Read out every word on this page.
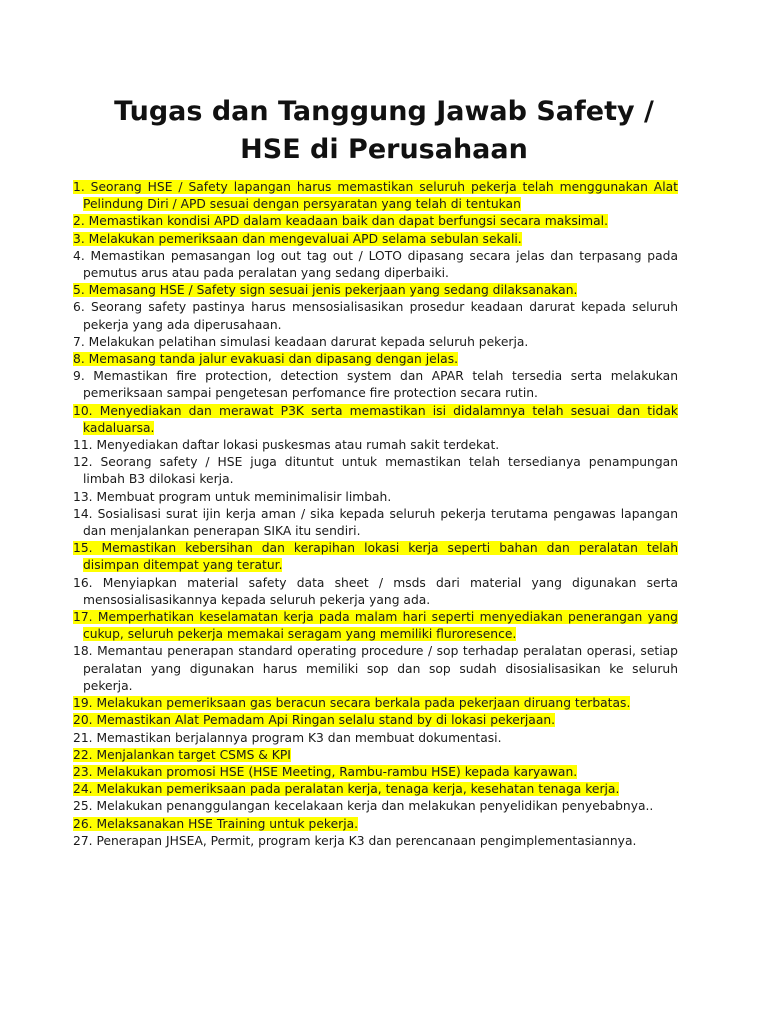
Tugas dan Tanggung Jawab Safety /
HSE di Perusahaan
1. Seorang HSE / Safety lapangan harus memastikan seluruh pekerja telah menggunakan Alat Pelindung Diri / APD sesuai dengan persyaratan yang telah di tentukan
2. Memastikan kondisi APD dalam keadaan baik dan dapat berfungsi secara maksimal.
3. Melakukan pemeriksaan dan mengevaluai APD selama sebulan sekali.
4. Memastikan pemasangan log out tag out / LOTO dipasang secara jelas dan terpasang pada pemutus arus atau pada peralatan yang sedang diperbaiki.
5. Memasang HSE / Safety sign sesuai jenis pekerjaan yang sedang dilaksanakan.
6. Seorang safety pastinya harus mensosialisasikan prosedur keadaan darurat kepada seluruh pekerja yang ada diperusahaan.
7. Melakukan pelatihan simulasi keadaan darurat kepada seluruh pekerja.
8. Memasang tanda jalur evakuasi dan dipasang dengan jelas.
9. Memastikan fire protection, detection system dan APAR telah tersedia serta melakukan pemeriksaan sampai pengetesan perfomance fire protection secara rutin.
10. Menyediakan dan merawat P3K serta memastikan isi didalamnya telah sesuai dan tidak kadaluarsa.
11. Menyediakan daftar lokasi puskesmas atau rumah sakit terdekat.
12. Seorang safety / HSE juga dituntut untuk memastikan telah tersedianya penampungan limbah B3 dilokasi kerja.
13. Membuat program untuk meminimalisir limbah.
14. Sosialisasi surat ijin kerja aman / sika kepada seluruh pekerja terutama pengawas lapangan dan menjalankan penerapan SIKA itu sendiri.
15. Memastikan kebersihan dan kerapihan lokasi kerja seperti bahan dan peralatan telah disimpan ditempat yang teratur.
16. Menyiapkan material safety data sheet / msds dari material yang digunakan serta mensosialisasikannya kepada seluruh pekerja yang ada.
17. Memperhatikan keselamatan kerja pada malam hari seperti menyediakan penerangan yang cukup, seluruh pekerja memakai seragam yang memiliki fluroresence.
18. Memantau penerapan standard operating procedure / sop terhadap peralatan operasi, setiap peralatan yang digunakan harus memiliki sop dan sop sudah disosialisasikan ke seluruh pekerja.
19. Melakukan pemeriksaan gas beracun secara berkala pada pekerjaan diruang terbatas.
20. Memastikan Alat Pemadam Api Ringan selalu stand by di lokasi pekerjaan.
21. Memastikan berjalannya program K3 dan membuat dokumentasi.
22. Menjalankan target CSMS & KPI
23. Melakukan promosi HSE (HSE Meeting, Rambu-rambu HSE) kepada karyawan.
24. Melakukan pemeriksaan pada peralatan kerja, tenaga kerja, kesehatan tenaga kerja.
25. Melakukan penanggulangan kecelakaan kerja dan melakukan penyelidikan penyebabnya..
26. Melaksanakan HSE Training untuk pekerja.
27. Penerapan JHSEA, Permit, program kerja K3 dan perencanaan pengimplementasiannya.
